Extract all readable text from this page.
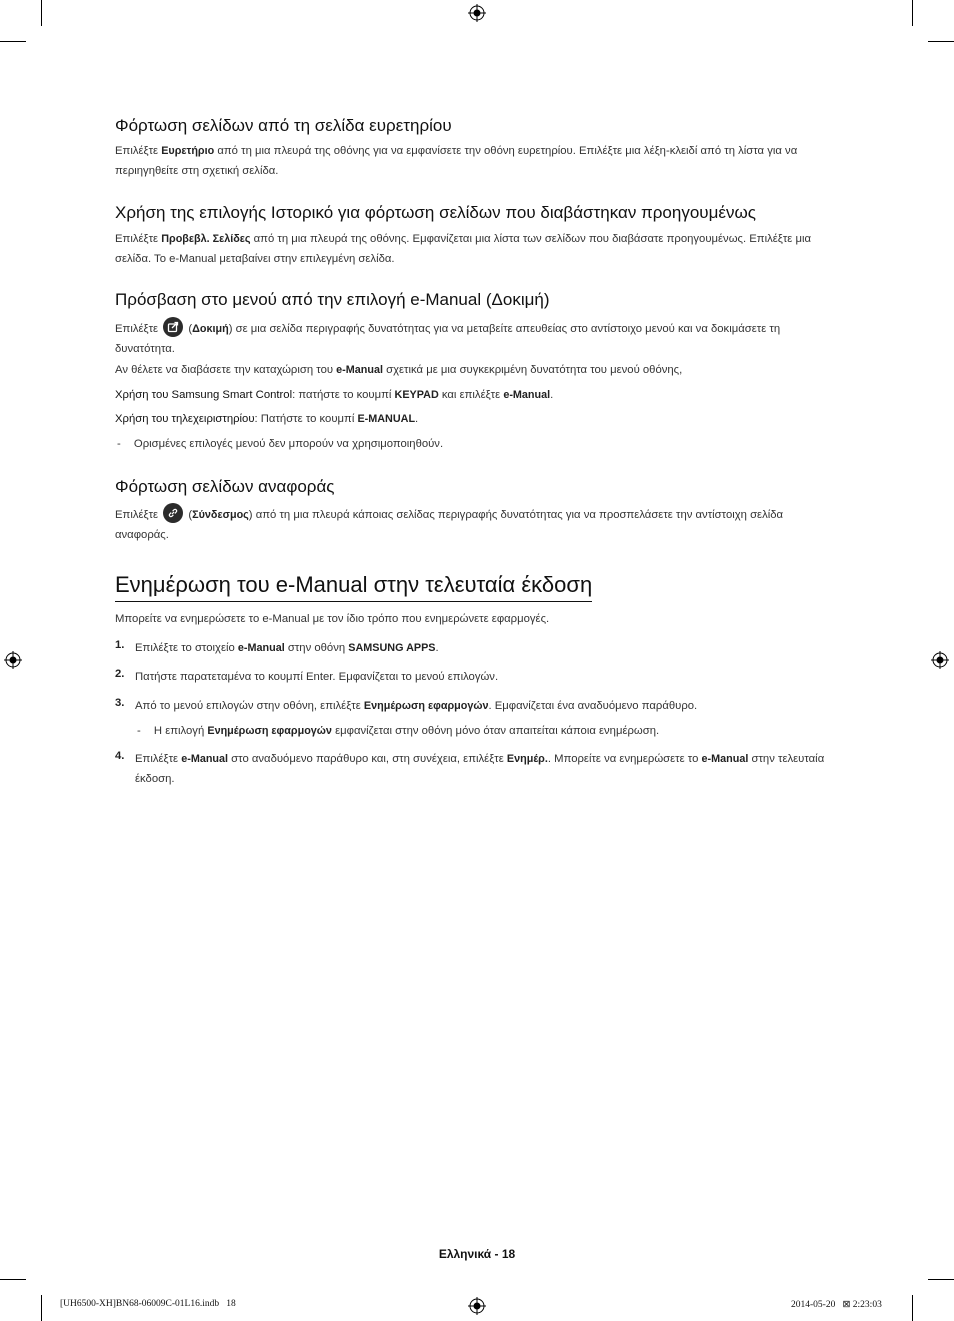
Φόρτωση σελίδων από τη σελίδα ευρετηρίου
Επιλέξτε Ευρετήριο από τη μια πλευρά της οθόνης για να εμφανίσετε την οθόνη ευρετηρίου. Επιλέξτε μια λέξη-κλειδί από τη λίστα για να περιηγηθείτε στη σχετική σελίδα.
Χρήση της επιλογής Ιστορικό για φόρτωση σελίδων που διαβάστηκαν προηγουμένως
Επιλέξτε Προβεβλ. Σελίδες από τη μια πλευρά της οθόνης. Εμφανίζεται μια λίστα των σελίδων που διαβάσατε προηγουμένως. Επιλέξτε μια σελίδα. Το e-Manual μεταβαίνει στην επιλεγμένη σελίδα.
Πρόσβαση στο μενού από την επιλογή e-Manual (Δοκιμή)
Επιλέξτε
(Δοκιμή) σε μια σελίδα περιγραφής δυνατότητας για να μεταβείτε απευθείας στο αντίστοιχο μενού και να δοκιμάσετε τη δυνατότητα.
Αν θέλετε να διαβάσετε την καταχώριση του e-Manual σχετικά με μια συγκεκριμένη δυνατότητα του μενού οθόνης,
Χρήση του Samsung Smart Control: πατήστε το κουμπί KEYPAD και επιλέξτε e-Manual.
Χρήση του τηλεχειριστηρίου: Πατήστε το κουμπί E-MANUAL.
- Ορισμένες επιλογές μενού δεν μπορούν να χρησιμοποιηθούν.
Φόρτωση σελίδων αναφοράς
Επιλέξτε
(Σύνδεσμος) από τη μια πλευρά κάποιας σελίδας περιγραφής δυνατότητας για να προσπελάσετε την αντίστοιχη σελίδα αναφοράς.
Ενημέρωση του e-Manual στην τελευταία έκδοση
Μπορείτε να ενημερώσετε το e-Manual με τον ίδιο τρόπο που ενημερώνετε εφαρμογές.
1. Επιλέξτε το στοιχείο e-Manual στην οθόνη SAMSUNG APPS.
2. Πατήστε παρατεταμένα το κουμπί Enter. Εμφανίζεται το μενού επιλογών.
3. Από το μενού επιλογών στην οθόνη, επιλέξτε Ενημέρωση εφαρμογών. Εμφανίζεται ένα αναδυόμενο παράθυρο.
- Η επιλογή Ενημέρωση εφαρμογών εμφανίζεται στην οθόνη μόνο όταν απαιτείται κάποια ενημέρωση.
4. Επιλέξτε e-Manual στο αναδυόμενο παράθυρο και, στη συνέχεια, επιλέξτε Ενημέρ.. Μπορείτε να ενημερώσετε το e-Manual στην τελευταία έκδοση.
Ελληνικά - 18
[UH6500-XH]BN68-06009C-01L16.indb   18	2014-05-20   ⊠ 2:23:03
